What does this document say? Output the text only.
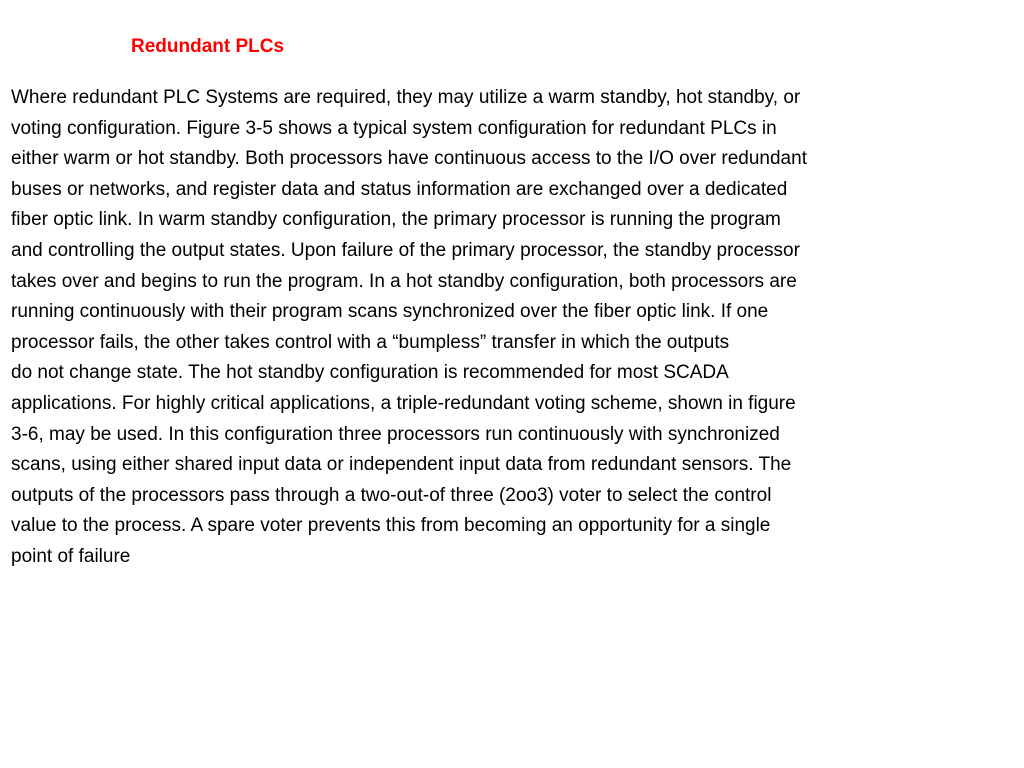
Redundant PLCs

Where redundant PLC Systems are required, they may utilize a warm standby, hot standby, or
voting configuration. Figure 3-5 shows a typical system configuration for redundant PLCs in
either warm or hot standby. Both processors have continuous access to the I/O over redundant
buses or networks, and register data and status information are exchanged over a dedicated
fiber optic link. In warm standby configuration, the primary processor is running the program
and controlling the output states. Upon failure of the primary processor, the standby processor
takes over and begins to run the program. In a hot standby configuration, both processors are
running continuously with their program scans synchronized over the fiber optic link. If one
processor fails, the other takes control with a “bumpless” transfer in which the outputs
do not change state. The hot standby configuration is recommended for most SCADA
applications. For highly critical applications, a triple-redundant voting scheme, shown in figure
3-6, may be used. In this configuration three processors run continuously with synchronized
scans, using either shared input data or independent input data from redundant sensors. The
outputs of the processors pass through a two-out-of three (2oo3) voter to select the control
value to the process. A spare voter prevents this from becoming an opportunity for a single
point of failure
